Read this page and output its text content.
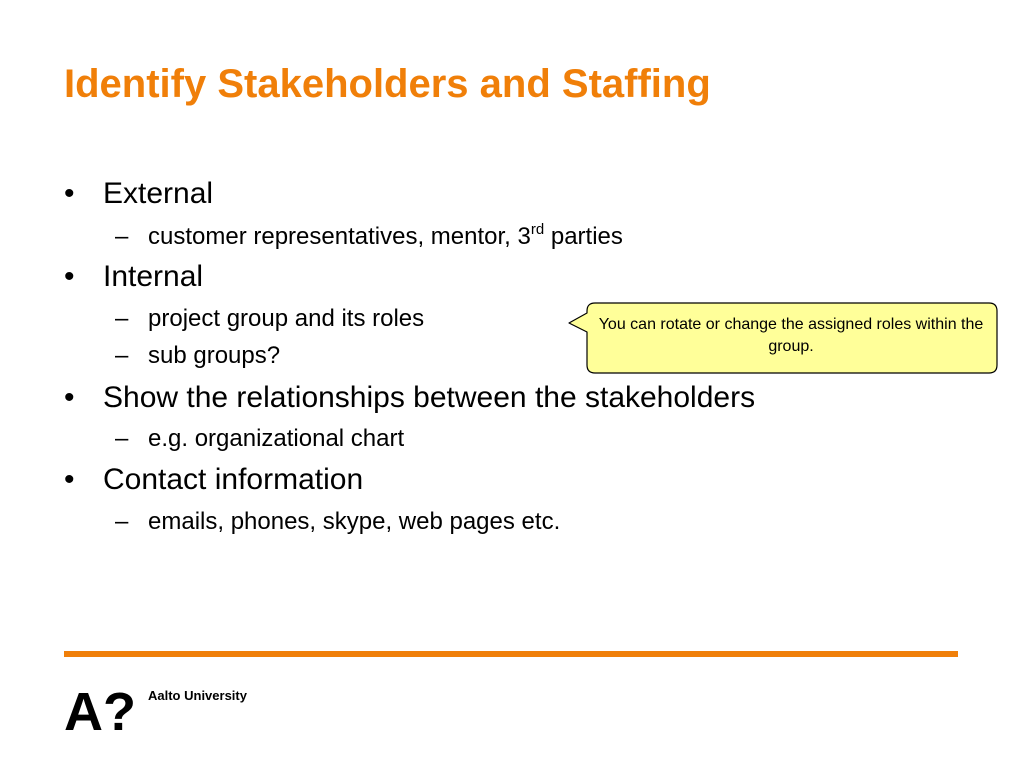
Identify Stakeholders and Staffing
• External
– customer representatives, mentor, 3rd parties
• Internal
– project group and its roles
– sub groups?
• Show the relationships between the stakeholders
– e.g. organizational chart
• Contact information
– emails, phones, skype, web pages etc.
You can rotate or change the assigned roles within the group.
A? Aalto University
